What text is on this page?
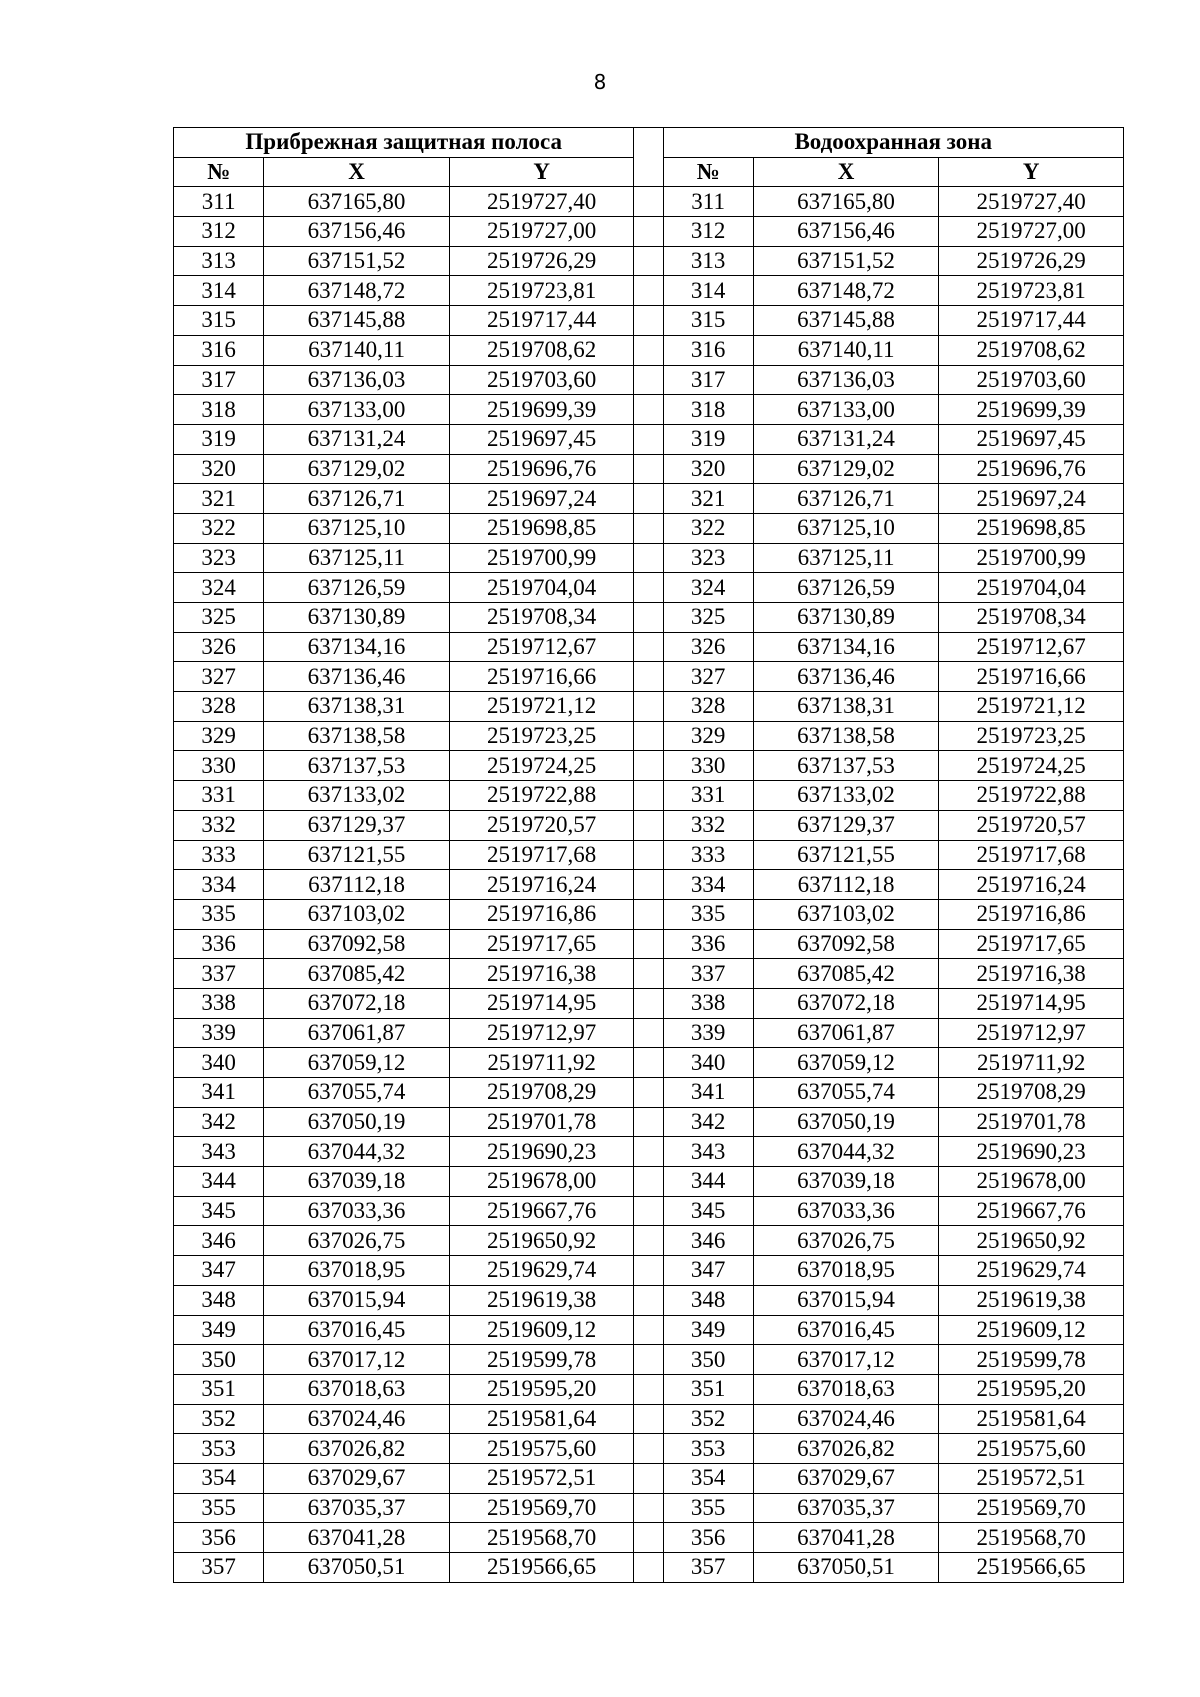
8
Прибрежная защитная полоса				Водоохранная зона		
№	X	Y		№	X	Y
311	637165,80	2519727,40		311	637165,80	2519727,40
312	637156,46	2519727,00		312	637156,46	2519727,00
313	637151,52	2519726,29		313	637151,52	2519726,29
314	637148,72	2519723,81		314	637148,72	2519723,81
315	637145,88	2519717,44		315	637145,88	2519717,44
316	637140,11	2519708,62		316	637140,11	2519708,62
317	637136,03	2519703,60		317	637136,03	2519703,60
318	637133,00	2519699,39		318	637133,00	2519699,39
319	637131,24	2519697,45		319	637131,24	2519697,45
320	637129,02	2519696,76		320	637129,02	2519696,76
321	637126,71	2519697,24		321	637126,71	2519697,24
322	637125,10	2519698,85		322	637125,10	2519698,85
323	637125,11	2519700,99		323	637125,11	2519700,99
324	637126,59	2519704,04		324	637126,59	2519704,04
325	637130,89	2519708,34		325	637130,89	2519708,34
326	637134,16	2519712,67		326	637134,16	2519712,67
327	637136,46	2519716,66		327	637136,46	2519716,66
328	637138,31	2519721,12		328	637138,31	2519721,12
329	637138,58	2519723,25		329	637138,58	2519723,25
330	637137,53	2519724,25		330	637137,53	2519724,25
331	637133,02	2519722,88		331	637133,02	2519722,88
332	637129,37	2519720,57		332	637129,37	2519720,57
333	637121,55	2519717,68		333	637121,55	2519717,68
334	637112,18	2519716,24		334	637112,18	2519716,24
335	637103,02	2519716,86		335	637103,02	2519716,86
336	637092,58	2519717,65		336	637092,58	2519717,65
337	637085,42	2519716,38		337	637085,42	2519716,38
338	637072,18	2519714,95		338	637072,18	2519714,95
339	637061,87	2519712,97		339	637061,87	2519712,97
340	637059,12	2519711,92		340	637059,12	2519711,92
341	637055,74	2519708,29		341	637055,74	2519708,29
342	637050,19	2519701,78		342	637050,19	2519701,78
343	637044,32	2519690,23		343	637044,32	2519690,23
344	637039,18	2519678,00		344	637039,18	2519678,00
345	637033,36	2519667,76		345	637033,36	2519667,76
346	637026,75	2519650,92		346	637026,75	2519650,92
347	637018,95	2519629,74		347	637018,95	2519629,74
348	637015,94	2519619,38		348	637015,94	2519619,38
349	637016,45	2519609,12		349	637016,45	2519609,12
350	637017,12	2519599,78		350	637017,12	2519599,78
351	637018,63	2519595,20		351	637018,63	2519595,20
352	637024,46	2519581,64		352	637024,46	2519581,64
353	637026,82	2519575,60		353	637026,82	2519575,60
354	637029,67	2519572,51		354	637029,67	2519572,51
355	637035,37	2519569,70		355	637035,37	2519569,70
356	637041,28	2519568,70		356	637041,28	2519568,70
357	637050,51	2519566,65		357	637050,51	2519566,65
